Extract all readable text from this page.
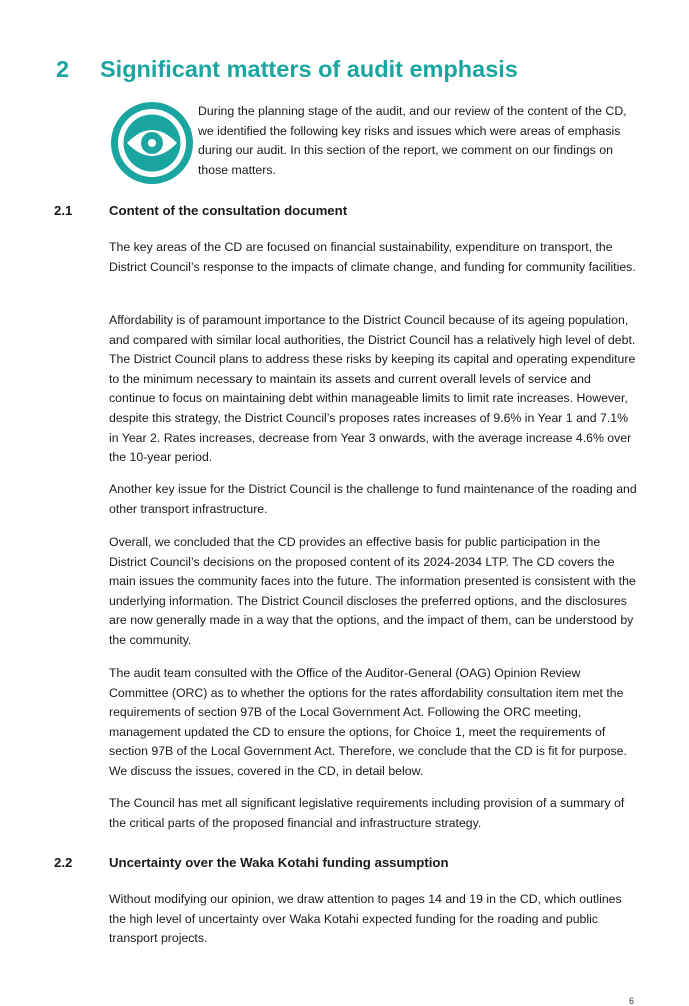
2	Significant matters of audit emphasis
During the planning stage of the audit, and our review of the content of the CD, we identified the following key risks and issues which were areas of emphasis during our audit. In this section of the report, we comment on our findings on those matters.
2.1	Content of the consultation document

The key areas of the CD are focused on financial sustainability, expenditure on transport, the District Council’s response to the impacts of climate change, and funding for community facilities.

Affordability is of paramount importance to the District Council because of its ageing population, and compared with similar local authorities, the District Council has a relatively high level of debt. The District Council plans to address these risks by keeping its capital and operating expenditure to the minimum necessary to maintain its assets and current overall levels of service and continue to focus on maintaining debt within manageable limits to limit rate increases. However, despite this strategy, the District Council’s proposes rates increases of 9.6% in Year 1 and 7.1% in Year 2. Rates increases, decrease from Year 3 onwards, with the average increase 4.6% over the 10-year period.

Another key issue for the District Council is the challenge to fund maintenance of the roading and other transport infrastructure.

Overall, we concluded that the CD provides an effective basis for public participation in the District Council’s decisions on the proposed content of its 2024-2034 LTP. The CD covers the main issues the community faces into the future. The information presented is consistent with the underlying information. The District Council discloses the preferred options, and the disclosures are now generally made in a way that the options, and the impact of them, can be understood by the community.

The audit team consulted with the Office of the Auditor-General (OAG) Opinion Review Committee (ORC) as to whether the options for the rates affordability consultation item met the requirements of section 97B of the Local Government Act. Following the ORC meeting, management updated the CD to ensure the options, for Choice 1, meet the requirements of section 97B of the Local Government Act. Therefore, we conclude that the CD is fit for purpose. We discuss the issues, covered in the CD, in detail below.

The Council has met all significant legislative requirements including provision of a summary of the critical parts of the proposed financial and infrastructure strategy.

2.2	Uncertainty over the Waka Kotahi funding assumption

Without modifying our opinion, we draw attention to pages 14 and 19 in the CD, which outlines the high level of uncertainty over Waka Kotahi expected funding for the roading and public transport projects.

6
